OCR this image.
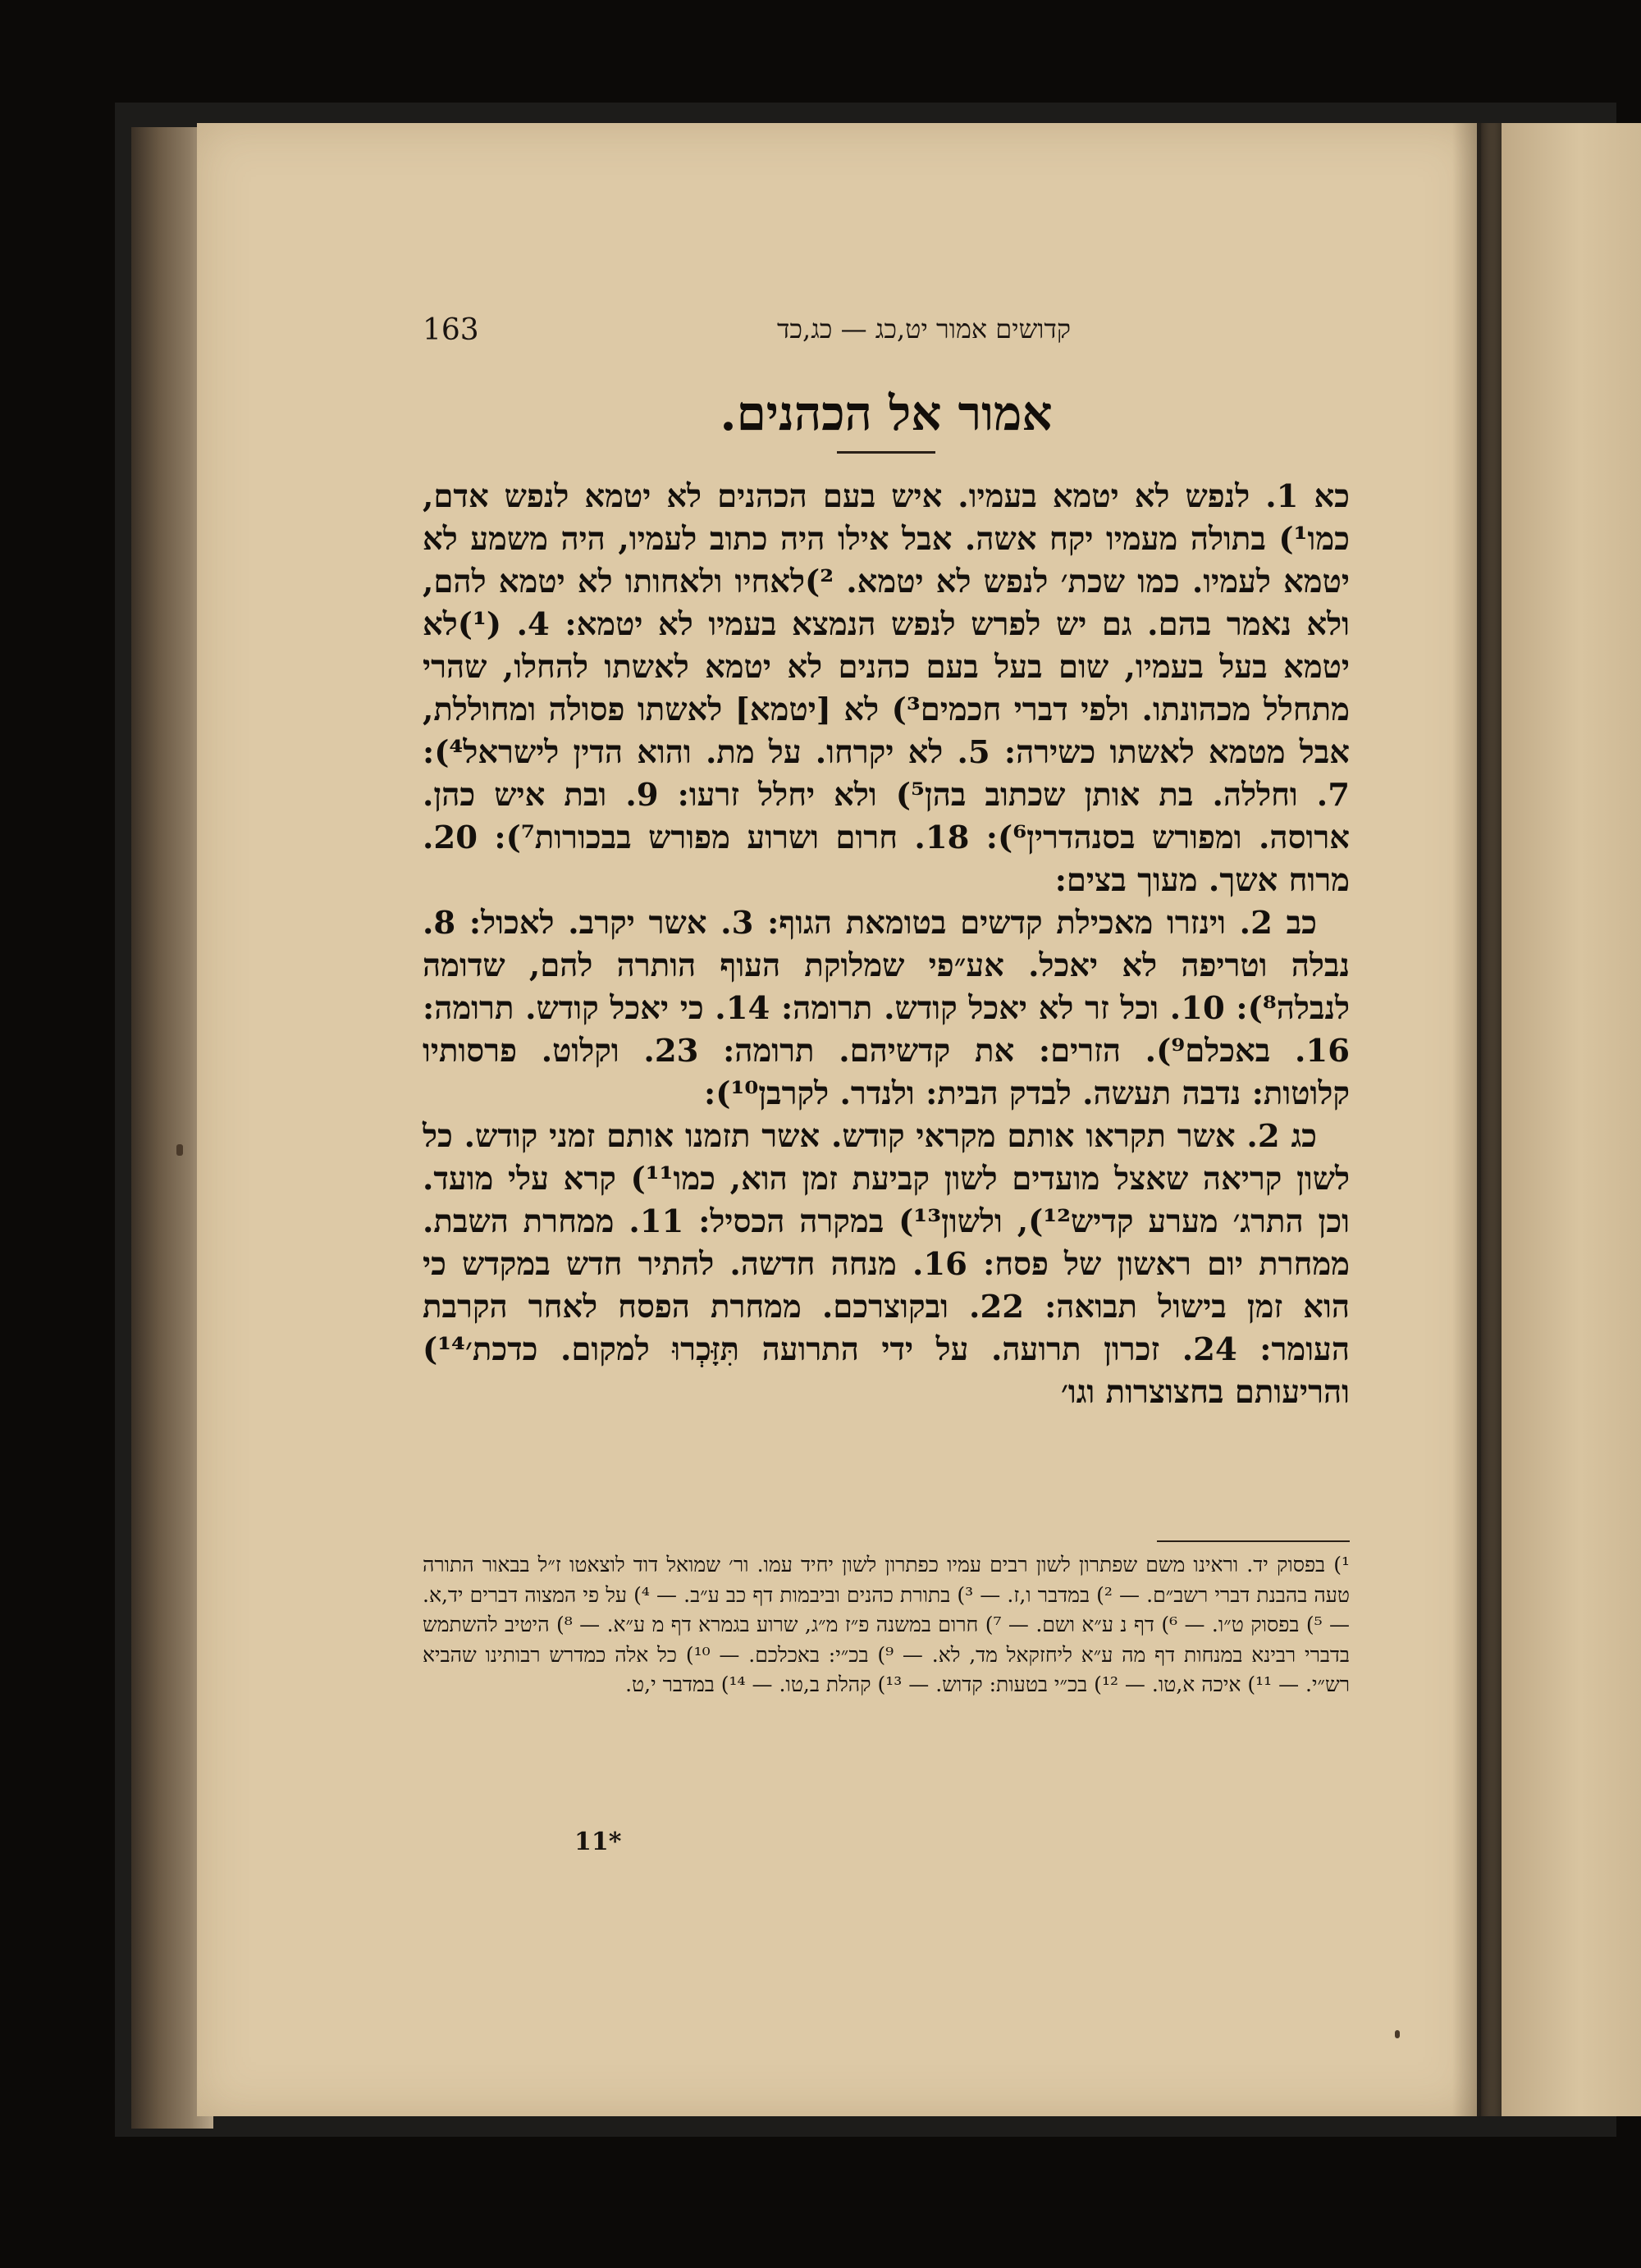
163	קדושים אמור יט,כג — כג,כד
אמור אל הכהנים.

כא 1. לנפש לא יטמא בעמיו. איש בעם הכהנים לא יטמא לנפש אדם, כמו¹) בתולה מעמיו יקח אשה. אבל אילו היה כתוב לעמיו, היה משמע לא יטמא לעמיו. כמו שכת׳ לנפש לא יטמא. ²)לאחיו ולאחותו לא יטמא להם, ולא נאמר בהם. גם יש לפרש לנפש הנמצא בעמיו לא יטמא: 4. (¹)לא יטמא בעל בעמיו, שום בעל בעם כהנים לא יטמא לאשתו להחלו, שהרי מתחלל מכהונתו. ולפי דברי חכמים³) לא [יטמא] לאשתו פסולה ומחוללת, אבל מטמא לאשתו כשירה: 5. לא יקרחו. על מת. והוא הדין לישראל⁴): 7. וחללה. בת אותן שכתוב בהן⁵) ולא יחלל זרעו: 9. ובת איש כהן. ארוסה. ומפורש בסנהדרין⁶): 18. חרום ושרוע מפורש בבכורות⁷): 20. מרוח אשך. מעוך בצים:

כב 2. וינזרו מאכילת קדשים בטומאת הגוף: 3. אשר יקרב. לאכול: 8. נבלה וטריפה לא יאכל. אע״פי שמלוקת העוף הותרה להם, שדומה לנבלה⁸): 10. וכל זר לא יאכל קודש. תרומה: 14. כי יאכל קודש. תרומה: 16. באכלם⁹). הזרים: את קדשיהם. תרומה: 23. וקלוט. פרסותיו קלוטות: נדבה תעשה. לבדק הבית: ולנדר. לקרבן¹⁰):

כג 2. אשר תקראו אותם מקראי קודש. אשר תזמנו אותם זמני קודש. כל לשון קריאה שאצל מועדים לשון קביעת זמן הוא, כמו¹¹) קרא עלי מועד. וכן התרג׳ מערע קדיש¹²), ולשון¹³) במקרה הכסיל: 11. ממחרת השבת. ממחרת יום ראשון של פסח: 16. מנחה חדשה. להתיר חדש במקדש כי הוא זמן בישול תבואה: 22. ובקוצרכם. ממחרת הפסח לאחר הקרבת העומר: 24. זכרון תרועה. על ידי התרועה תִּזָּכְרוּ למקום. כדכת׳¹⁴) והריעותם בחצוצרות וגו׳

¹) בפסוק יד. וראינו משם שפתרון לשון רבים עמיו כפתרון לשון יחיד עמו. ור׳ שמואל דוד לוצאטו ז״ל בבאור התורה טעה בהבנת דברי רשב״ם. — ²) במדבר ו,ז. — ³) בתורת כהנים וביבמות דף כב ע״ב. — ⁴) על פי המצוה דברים יד,א. — ⁵) בפסוק ט״ו. — ⁶) דף נ ע״א ושם. — ⁷) חרום במשנה פ״ז מ״ג, שרוע בגמרא דף מ ע״א. — ⁸) היטיב להשתמש בדברי רבינא במנחות דף מה ע״א ליחזקאל מד, לא. — ⁹) בכ״י: באכלכם. — ¹⁰) כל אלה כמדרש רבותינו שהביא רש״י. — ¹¹) איכה א,טו. — ¹²) בכ״י בטעות: קדוש. — ¹³) קהלת ב,טו. — ¹⁴) במדבר י,ט.
11*
